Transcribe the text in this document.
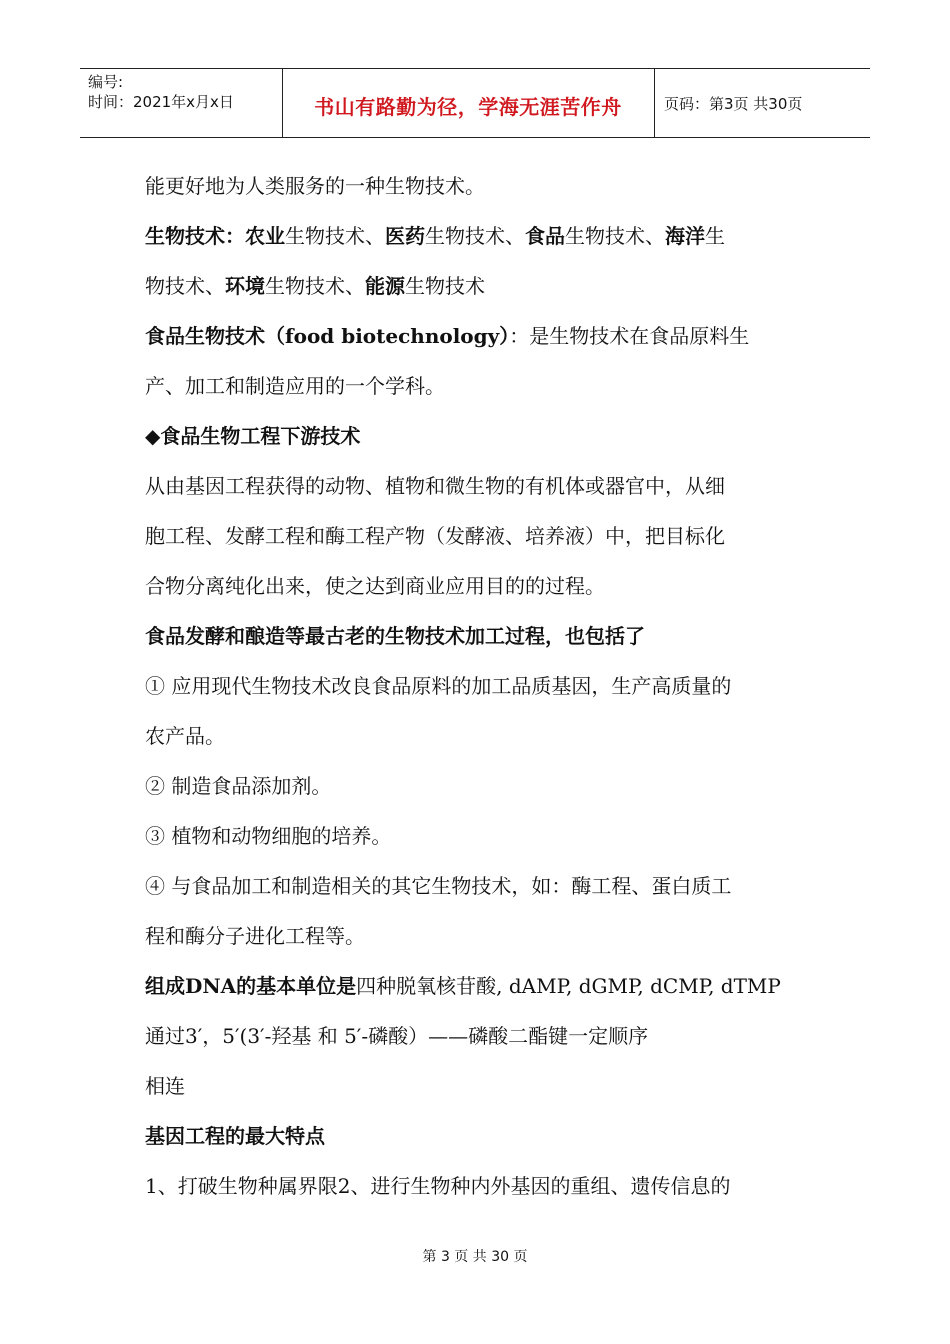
编号:
时间：2021年x月x日	书山有路勤为径，学海无涯苦作舟	页码：第3页 共30页
能更好地为人类服务的一种生物技术。
生物技术：农业生物技术、医药生物技术、食品生物技术、海洋生
物技术、环境生物技术、能源生物技术
食品生物技术（food biotechnology）：是生物技术在食品原料生
产、加工和制造应用的一个学科。
◆食品生物工程下游技术
从由基因工程获得的动物、植物和微生物的有机体或器官中，从细
胞工程、发酵工程和酶工程产物（发酵液、培养液）中，把目标化
合物分离纯化出来，使之达到商业应用目的的过程。
食品发酵和酿造等最古老的生物技术加工过程，也包括了
① 应用现代生物技术改良食品原料的加工品质基因，生产高质量的
农产品。
② 制造食品添加剂。
③ 植物和动物细胞的培养。
④ 与食品加工和制造相关的其它生物技术，如：酶工程、蛋白质工
程和酶分子进化工程等。
组成DNA的基本单位是四种脱氧核苷酸, dAMP, dGMP, dCMP, dTMP
通过3′，5′(3′-羟基 和 5′-磷酸）——磷酸二酯键一定顺序
相连
基因工程的最大特点
1、打破生物种属界限2、进行生物种内外基因的重组、遗传信息的
第 3 页 共 30 页
